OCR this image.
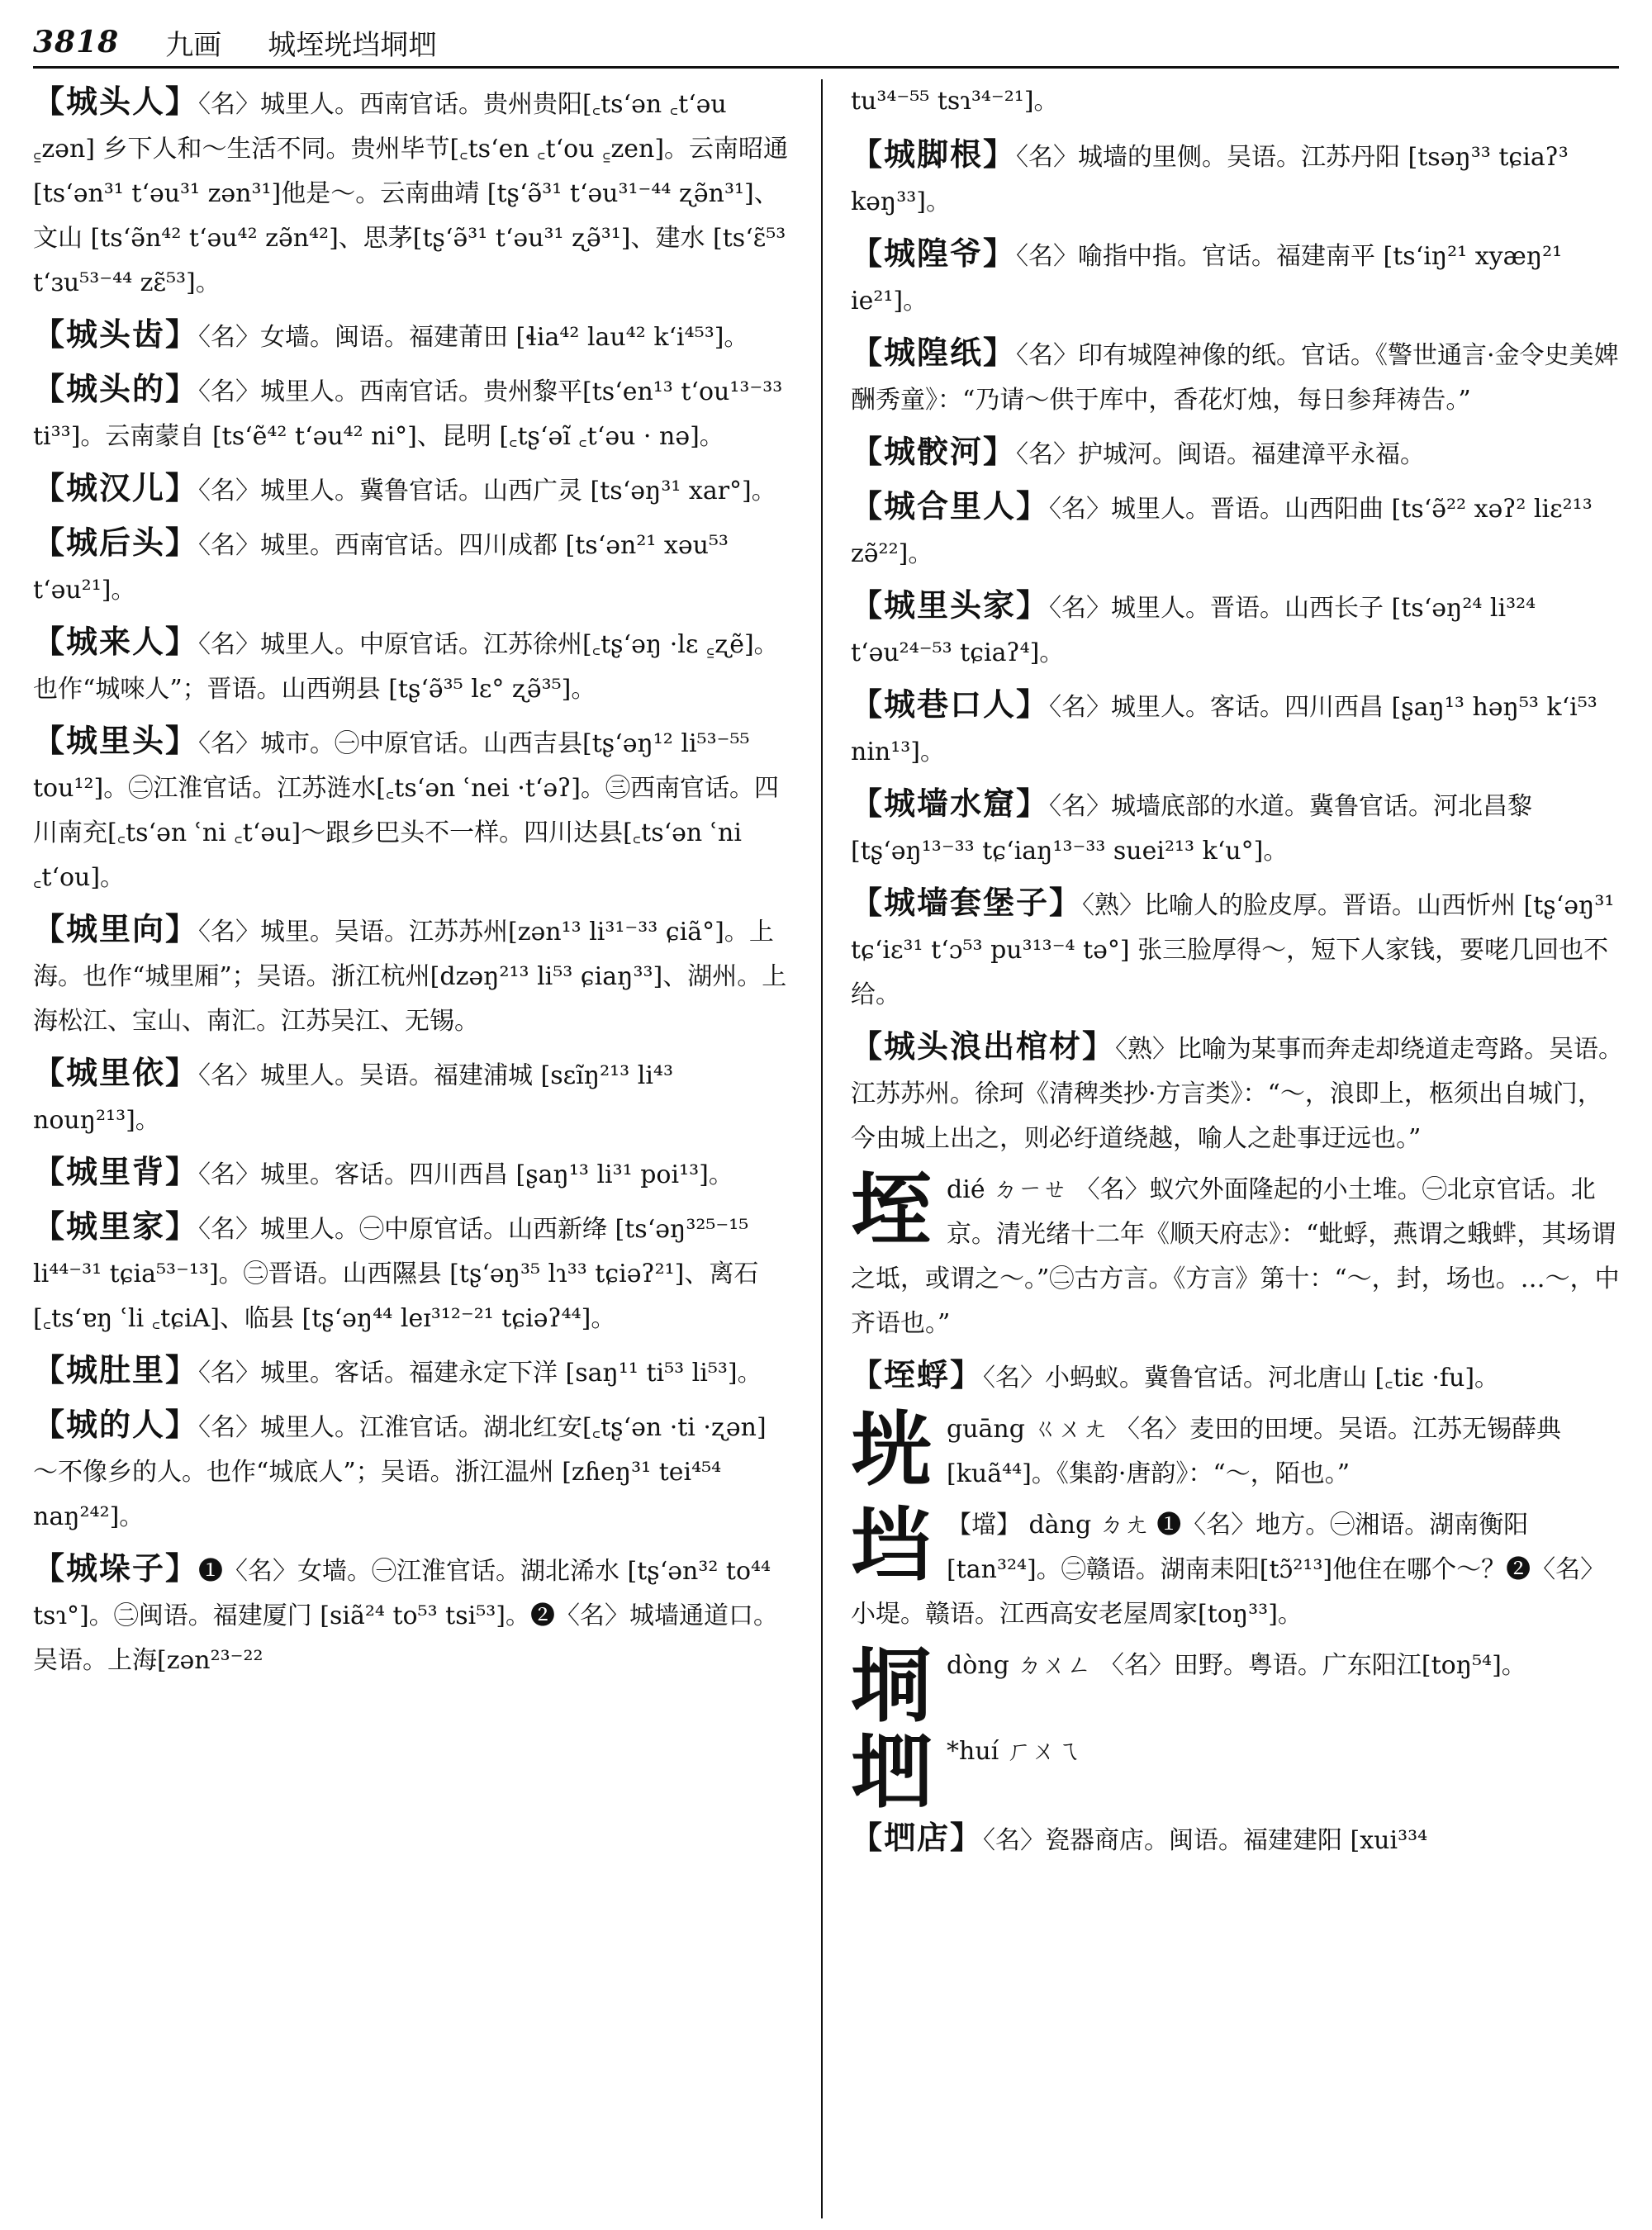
3818 九画 城垤垙垱垌垇

【城头人】〈名〉城里人。西南官话。贵州贵阳[꜀tsʻən ꜀tʻəu ꜁zən] 乡下人和～生活不同。贵州毕节[꜀tsʻen ꜀tʻou ꜁zen]。云南昭通 [tsʻən³¹ tʻəu³¹ zən³¹]他是～。云南曲靖 [tʂʻə̃³¹ tʻəu³¹⁻⁴⁴ ʐə̃n³¹]、文山 [tsʻə̃n⁴² tʻəu⁴² zə̃n⁴²]、思茅[tʂʻə̃³¹ tʻəu³¹ ʐə̃³¹]、建水 [tsʻɛ̃⁵³ tʻɜu⁵³⁻⁴⁴ zɛ̃⁵³]。

【城头齿】〈名〉女墙。闽语。福建莆田 [ɬia⁴² lau⁴² kʻi⁴⁵³]。

【城头的】〈名〉城里人。西南官话。贵州黎平[tsʻen¹³ tʻou¹³⁻³³ ti³³]。云南蒙自 [tsʻẽ⁴² tʻəu⁴² ni°]、昆明 [꜀tʂʻəĩ ꜀tʻəu · nə]。

【城汉儿】〈名〉城里人。冀鲁官话。山西广灵 [tsʻəŋ³¹ xar°]。

【城后头】〈名〉城里。西南官话。四川成都 [tsʻən²¹ xəu⁵³ tʻəu²¹]。

【城来人】〈名〉城里人。中原官话。江苏徐州[꜀tʂʻəŋ ·lɛ ꜁ʐẽ]。也作“城唻人”；晋语。山西朔县 [tʂʻə̃³⁵ lɛ° ʐə̃³⁵]。

【城里头】〈名〉城市。㊀中原官话。山西吉县[tʂʻəŋ¹² li⁵³⁻⁵⁵ tou¹²]。㊁江淮官话。江苏涟水[꜀tsʻən ʿnei ·tʻəʔ]。㊂西南官话。四川南充[꜀tsʻən ʿni ꜀tʻəu]～跟乡巴头不一样。四川达县[꜀tsʻən ʿni ꜀tʻou]。

【城里向】〈名〉城里。吴语。江苏苏州[zən¹³ li³¹⁻³³ ɕiã°]。上海。也作“城里厢”；吴语。浙江杭州[dzəŋ²¹³ li⁵³ ɕiaŋ³³]、湖州。上海松江、宝山、南汇。江苏吴江、无锡。

【城里依】〈名〉城里人。吴语。福建浦城 [sɛĩŋ²¹³ li⁴³ nouŋ²¹³]。

【城里背】〈名〉城里。客话。四川西昌 [ʂaŋ¹³ li³¹ poi¹³]。

【城里家】〈名〉城里人。㊀中原官话。山西新绛 [tsʻəŋ³²⁵⁻¹⁵ li⁴⁴⁻³¹ tɕia⁵³⁻¹³]。㊁晋语。山西隰县 [tʂʻəŋ³⁵ lɿ³³ tɕiəʔ²¹]、离石[꜀tsʻɐŋ ʿli ꜀tɕiA]、临县 [tʂʻəŋ⁴⁴ leɪ³¹²⁻²¹ tɕiəʔ⁴⁴]。

【城肚里】〈名〉城里。客话。福建永定下洋 [saŋ¹¹ ti⁵³ li⁵³]。

【城的人】〈名〉城里人。江淮官话。湖北红安[꜀tʂʻən ·ti ·ʐən] ～不像乡的人。也作“城底人”；吴语。浙江温州 [zɦeŋ³¹ tei⁴⁵⁴ naŋ²⁴²]。

【城垛子】❶〈名〉女墙。㊀江淮官话。湖北浠水 [tʂʻən³² to⁴⁴ tsɿ°]。㊁闽语。福建厦门 [siã²⁴ to⁵³ tsi⁵³]。❷〈名〉城墙通道口。吴语。上海[zən²³⁻²²

tu³⁴⁻⁵⁵ tsɿ³⁴⁻²¹]。

【城脚根】〈名〉城墙的里侧。吴语。江苏丹阳 [tsəŋ³³ tɕiaʔ³ kəŋ³³]。

【城隍爷】〈名〉喻指中指。官话。福建南平 [tsʻiŋ²¹ xyæŋ²¹ ie²¹]。

【城隍纸】〈名〉印有城隍神像的纸。官话。《警世通言·金令史美婢酬秀童》：“乃请～供于库中，香花灯烛，每日参拜祷告。”

【城骹河】〈名〉护城河。闽语。福建漳平永福。

【城合里人】〈名〉城里人。晋语。山西阳曲 [tsʻə̃²² xəʔ² liɛ²¹³ zə̃²²]。

【城里头家】〈名〉城里人。晋语。山西长子 [tsʻəŋ²⁴ li³²⁴ tʻəu²⁴⁻⁵³ tɕiaʔ⁴]。

【城巷口人】〈名〉城里人。客话。四川西昌 [ʂaŋ¹³ həŋ⁵³ kʻi⁵³ nin¹³]。

【城墙水窟】〈名〉城墙底部的水道。冀鲁官话。河北昌黎 [tʂʻəŋ¹³⁻³³ tɕʻiaŋ¹³⁻³³ suei²¹³ kʻu°]。

【城墙套堡子】〈熟〉比喻人的脸皮厚。晋语。山西忻州 [tʂʻəŋ³¹ tɕʻiɛ³¹ tʻɔ⁵³ pu³¹³⁻⁴ tə°] 张三脸厚得～，短下人家钱，要咾几回也不给。

【城头浪出棺材】〈熟〉比喻为某事而奔走却绕道走弯路。吴语。江苏苏州。徐珂《清稗类抄·方言类》：“～，浪即上，柩须出自城门，今由城上出之，则必纡道绕越，喻人之赴事迂远也。”

垤dié ㄉㄧㄝ 〈名〉蚁穴外面隆起的小土堆。㊀北京官话。北京。清光绪十二年《顺天府志》：“蚍蜉，燕谓之蛾蝆，其场谓之坻，或谓之～。”㊁古方言。《方言》第十：“～，封，场也。…～，中齐语也。”

【垤蜉】〈名〉小蚂蚁。冀鲁官话。河北唐山 [꜀tiɛ ·fu]。

垙guāng ㄍㄨㄤ 〈名〉麦田的田埂。吴语。江苏无锡薛典 [kuã⁴⁴]。《集韵·唐韵》：“～，陌也。”

垱 【壋】 dàng ㄉㄤ ❶〈名〉地方。㊀湘语。湖南衡阳 [tan³²⁴]。㊁赣语。湖南耒阳[tɔ̃²¹³]他住在哪个～？❷〈名〉小堤。赣语。江西高安老屋周家[toŋ³³]。

垌dòng ㄉㄨㄥ 〈名〉田野。粤语。广东阳江[toŋ⁵⁴]。

垇 *huí ㄏㄨㄟ

【垇店】〈名〉瓷器商店。闽语。福建建阳 [xui³³⁴
